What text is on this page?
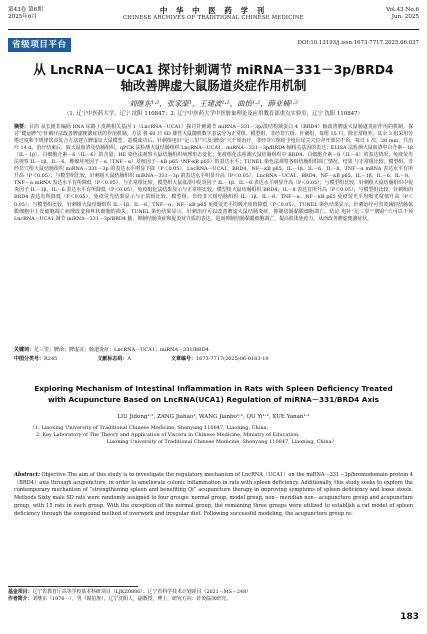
第43卷 第6期
2025年6月
中 华 中 医 药 学 刊
CHINESE ARCHIVES OF TRADITIONAL CHINESE MEDICINE
Vol.43 No.6
Jun. 2025
省级项目平台	DOI:10.13193/j.issn.1673-7717.2025.06.037
从 LncRNA－UCA1 探讨针刺调节 miRNA－331－3p/BRD4
轴改善脾虚大鼠肠道炎症作用机制
刘继东¹·²，张家豪¹，王建波¹·²，曲怡¹·²，薛亚楠¹·²
（1. 辽宁中医药大学，辽宁 沈阳 110847；2. 辽宁中医药大学中医脏象理论及应用教育部重点实验室，辽宁 沈阳 110847）

摘要：目的 从长链非编码 RNA 尿路上皮癌相关基因 1（LncRNA－UCA1）探讨针刺调节 miRNA－331－3p/溴结构域蛋白 4（BRD4）轴改善脾虚大鼠肠道炎症作用的机制，探讨“健运脾气”针刺疗法改善脾虚便溏症状的作用机制。方法 将 60 只 SD 雄性大鼠随机数字表法分为正常组、模型组、非经非穴组、针刺组，每组 15 只。除正常组外，其余 3 组采用劳倦过度和不规律饮食复合方法建立脾虚证大鼠模型。造模成功后，针刺组电针“足三里”穴及“脾俞”穴干预治疗，非经非穴组给予电针尾尖穴位旁开部位干预，每日 1 次，20 min，共治疗 14 d。治疗结束后，取大鼠血清及结肠组织。qPCR 法检测大鼠结肠组织 LncRNA－UCA1、miRNA－331－3p/BRD4 轴相关基因的表达；ELISA 法检测大鼠血清中白介素－1β（IL－1β）、白细胞介素－6（IL－6）的含量；HE 染色法观察大鼠结肠组织病理形态变化；免疫组化法检测大鼠结肠组织中 BRD4、白细胞介素－8（IL－8）的表达情况；免疫荧光法观察 IL－1β、IL－6、肿瘤坏死因子－α（TNF－α）及核因子－κB p65（NF-κB p65）的表达水平；TUNEL 染色法观察各组结肠组织凋亡情况。结果 与正常组比较，模型组、非经非穴组大鼠结肠组织 miRNA－331－3p 的表达水平明显下降（P＜0.05），LncRNA－UCA1、BRD4、NF－κB p65、IL－1β、IL－6、IL－8、TNF－α mRNA 表达水平有所升高（P＜0.05）；与模型组比较，针刺组大鼠结肠组织 miRNA－331－3p 的表达水平明显升高（P＜0.05），LncRNA－UCA1、BRD4、NF－κB p65、IL－1β、IL－6、IL－8、TNF－α mRNA 表达水平有所降低（P＜0.05）。与正常组比较，模型组大鼠血清中促炎因子 IL－1β、IL－6 表达水平明显升高（P＜0.05）；与模型组比较，针刺组大鼠结肠组织中促炎因子 IL－1β、IL－6 表达水平有所降低（P＜0.05）。免疫组化法结果显示与正常组比较，模型组大鼠结肠组织 BRD4、IL－8 表达有所升高（P＜0.05）；与模型组比较，针刺组的 BRD4 表达有所降低（P＜0.05）。免疫荧光结果显示与正常组比较，模型组、非经非穴组结肠组织 IL－1β、IL－6、TNF－α、NF－κB p65 免疫荧光平均吸光度值升高（P＜0.05）；与模型组比较，针刺组大鼠结肠组织 IL－1β、IL－6、TNF－α、NF－κB p65 免疫荧光平均吸光度值降低（P＜0.05）。TUNEL 染色结果显示，针刺治疗可有效减轻结肠黏膜细胞中上皮细胞凋亡病理改变和杯状细胞的损失；TUNEL 染色结果显示，针刺治疗可以改善脾虚大鼠结肠炎症，抑制结肠黏膜细胞凋亡。结论 电针“足三里”“脾俞”穴可以干预 LncRNA－UCA1 调节 miRNA－331－3p/BRD4 轴，抑制结肠炎症和促炎症介质的表达，进而抑制结肠黏膜细胞凋亡，提高机体免疫力，从而改善脾虚便溏症状。

关键词：足三里；脾俞；脾虚证；肠道炎症；LncRNA－UCA1；miRNA－331/BRD4
中图分类号：R245	文献标志码：A	文章编号：1673-7717(2025)06-0183-10
Exploring Mechanism of Intestinal Inflammation in Rats with Spleen Deficiency Treated
with Acupuncture Based on LncRNA(UCA1) Regulation of miRNA－331/BRD4 Axis
LIU Jidong¹·², ZANG Jiahao¹, WANG Jianbo¹·², QU Yi¹·², XUE Yanan¹·²
（1. Liaoning University of Traditional Chinese Medicine, Shenyang 110847, Liaoning, China;
2. Key Laboratory of The Theory and Application of Viscera in Chinese Medicine, Ministry of Education,
Liaoning University of Traditional Chinese Medicine, Shenyang 110847, Liaoning, China）

Abstract: Objective The aim of this study is to investigate the regulatory mechanism of LncRNA（UCA1）on the miRNA－331－3p/bromodomain protein 4（BRD4）axis through acupuncture, in order to ameliorate colonic inflammation in rats with spleen deficiency. Additionally, this study seeks to explore the contemporary mechanism of “strengthening spleen and benefiting Qi” acupuncture therapy in improving symptoms of spleen deficiency and loose stools. Methods Sixty male SD rats were randomly assigned to four groups: normal group, model group, non－meridian non－acupuncture group and acupuncture group, with 15 rats in each group. With the exception of the normal group, the remaining three groups were utilized to establish a rat model of spleen deficiency through the compound method of overwork and irregular diet. Following successful modeling, the acupuncture group re-

基金项目：辽宁省教育厅高等学校基本科研项目（LJKZ0886）；辽宁省科学技术计划项目（2021－MS－248）
作者简介：刘继东（1976－），男（锡伯族），辽宁沈阳人，副教授，博士，研究方向：针灸临床研究。
183
